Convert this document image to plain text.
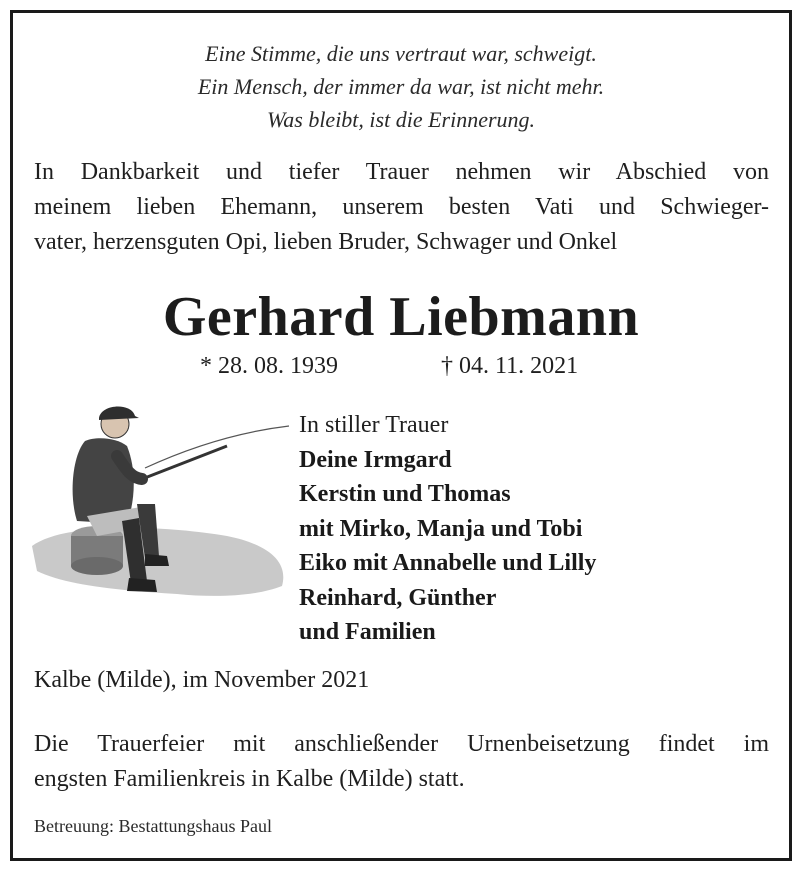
Eine Stimme, die uns vertraut war, schweigt.
Ein Mensch, der immer da war, ist nicht mehr.
Was bleibt, ist die Erinnerung.
In Dankbarkeit und tiefer Trauer nehmen wir Abschied von
meinem lieben Ehemann, unserem besten Vati und Schwieger-
vater, herzensguten Opi, lieben Bruder, Schwager und Onkel
Gerhard Liebmann
* 28. 08. 1939	† 04. 11. 2021
In stiller Trauer
Deine Irmgard
Kerstin und Thomas
mit Mirko, Manja und Tobi
Eiko mit Annabelle und Lilly
Reinhard, Günther
und Familien
Kalbe (Milde), im November 2021
Die Trauerfeier mit anschließender Urnenbeisetzung findet im
engsten Familienkreis in Kalbe (Milde) statt.
Betreuung: Bestattungshaus Paul
